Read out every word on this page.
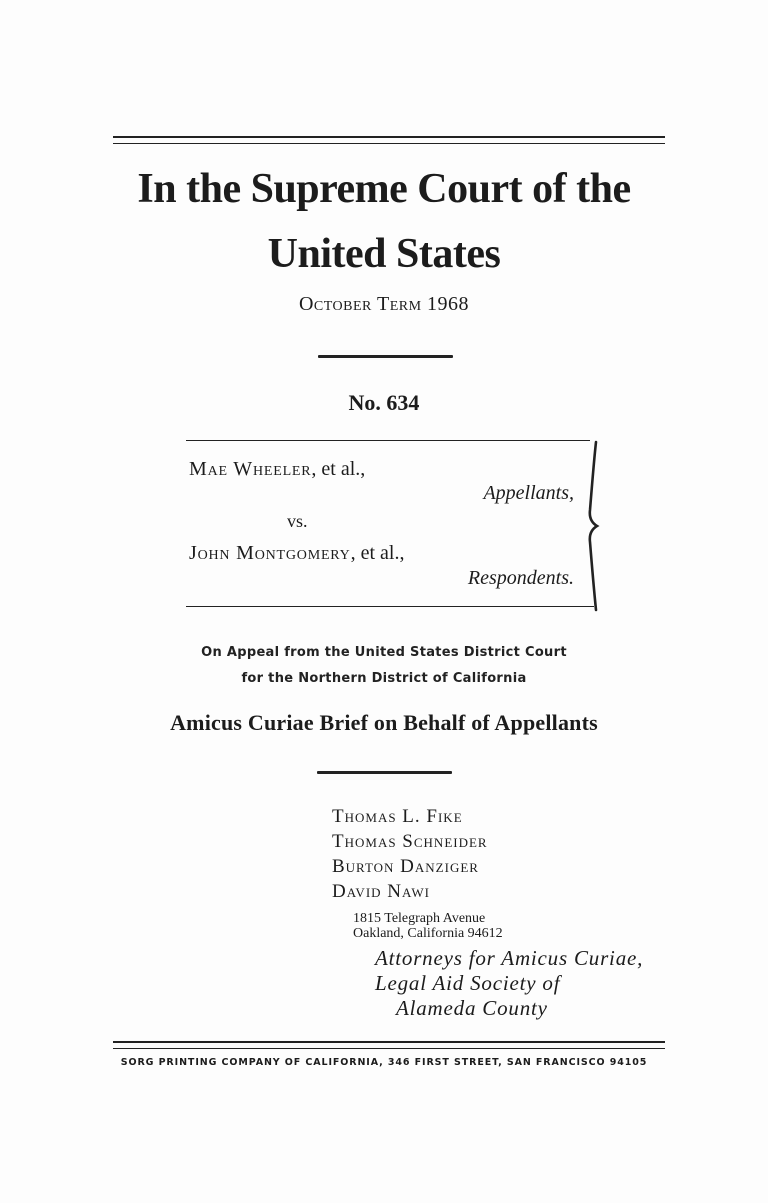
In the Supreme Court of the
United States
October Term 1968
No. 634
Mae Wheeler, et al.,
Appellants,
vs.
John Montgomery, et al.,
Respondents.
On Appeal from the United States District Court
for the Northern District of California
Amicus Curiae Brief on Behalf of Appellants
Thomas L. Fike
Thomas Schneider
Burton Danziger
David Nawi
1815 Telegraph Avenue
Oakland, California 94612
Attorneys for Amicus Curiae,
Legal Aid Society of
Alameda County
SORG PRINTING COMPANY OF CALIFORNIA, 346 FIRST STREET, SAN FRANCISCO 94105
